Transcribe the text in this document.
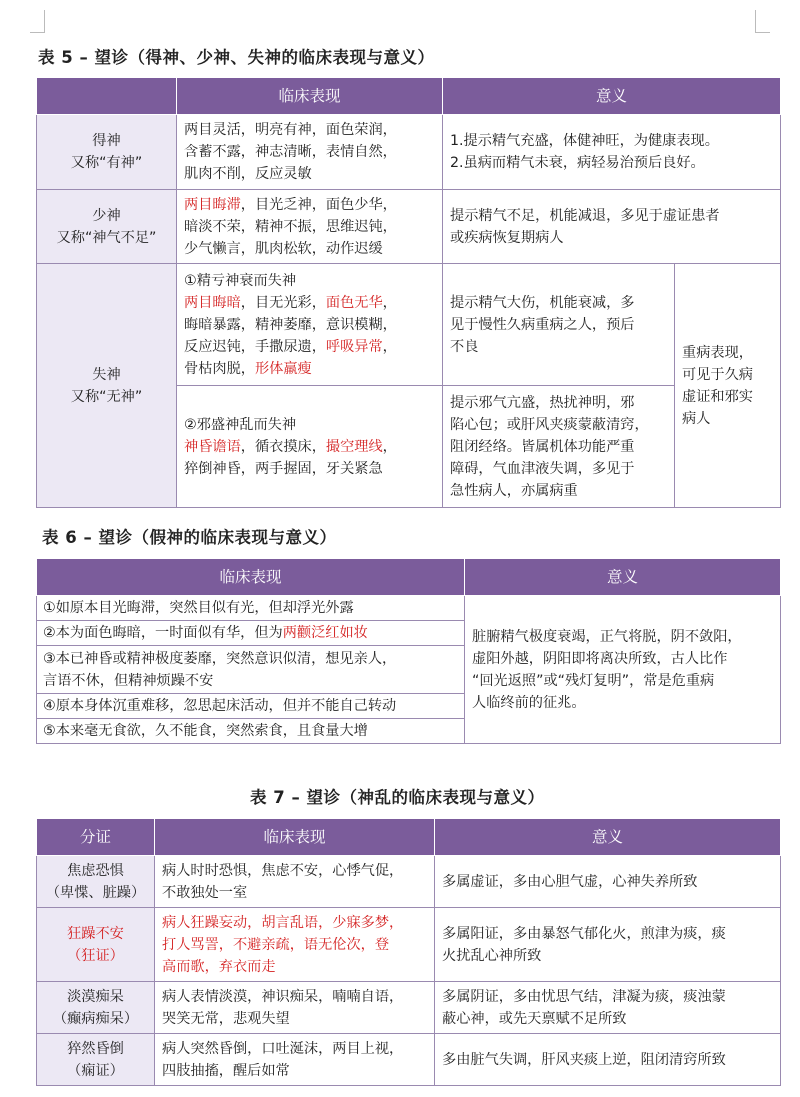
表 5 – 望诊（得神、少神、失神的临床表现与意义）
	临床表现	意义	

得神
又称“有神”	两目灵活，明亮有神，面色荣润，
含蓄不露，神志清晰，表情自然，
肌肉不削，反应灵敏	1.提示精气充盛，体健神旺，为健康表现。
2.虽病而精气未衰，病轻易治预后良好。	

少神
又称“神气不足”	两目晦滞，目光乏神，面色少华，
暗淡不荣，精神不振，思维迟钝，
少气懒言，肌肉松软，动作迟缓	提示精气不足，机能减退，多见于虚证患者
或疾病恢复期病人	

失神
又称“无神”	①精亏神衰而失神
两目晦暗，目无光彩，面色无华，
晦暗暴露，精神萎靡，意识模糊，
反应迟钝，手撒尿遗，呼吸异常，
骨枯肉脱，形体羸瘦	提示精气大伤，机能衰减，多
见于慢性久病重病之人，预后
不良	重病表现，
可见于久病
虚证和邪实
病人

	②邪盛神乱而失神
神昏谵语，循衣摸床，撮空理线，
猝倒神昏，两手握固，牙关紧急	提示邪气亢盛，热扰神明，邪
陷心包；或肝风夹痰蒙蔽清窍，
阻闭经络。皆属机体功能严重
障碍，气血津液失调，多见于
急性病人，亦属病重	
表 6 – 望诊（假神的临床表现与意义）
临床表现	意义

①如原本目光晦滞，突然目似有光，但却浮光外露	脏腑精气极度衰竭，正气将脱，阴不敛阳，
虚阳外越，阴阳即将离决所致，古人比作
“回光返照”或“残灯复明”，常是危重病
人临终前的征兆。

②本为面色晦暗，一时面似有华，但为两颧泛红如妆	

③本已神昏或精神极度萎靡，突然意识似清，想见亲人，
言语不休，但精神烦躁不安	

④原本身体沉重难移，忽思起床活动，但并不能自己转动	

⑤本来毫无食欲，久不能食，突然索食，且食量大增	
表 7 – 望诊（神乱的临床表现与意义）
分证	临床表现	意义

焦虑恐惧
（卑惵、脏躁）	病人时时恐惧，焦虑不安，心悸气促，
不敢独处一室	多属虚证，多由心胆气虚，心神失养所致

狂躁不安
（狂证）	病人狂躁妄动，胡言乱语，少寐多梦，
打人骂詈，不避亲疏，语无伦次，登
高而歌，弃衣而走	多属阳证，多由暴怒气郁化火，煎津为痰，痰
火扰乱心神所致

淡漠痴呆
（癫病痴呆）	病人表情淡漠，神识痴呆，喃喃自语，
哭笑无常，悲观失望	多属阴证，多由忧思气结，津凝为痰，痰浊蒙
蔽心神，或先天禀赋不足所致

猝然昏倒
（痫证）	病人突然昏倒，口吐涎沫，两目上视，
四肢抽搐，醒后如常	多由脏气失调，肝风夹痰上逆，阻闭清窍所致
